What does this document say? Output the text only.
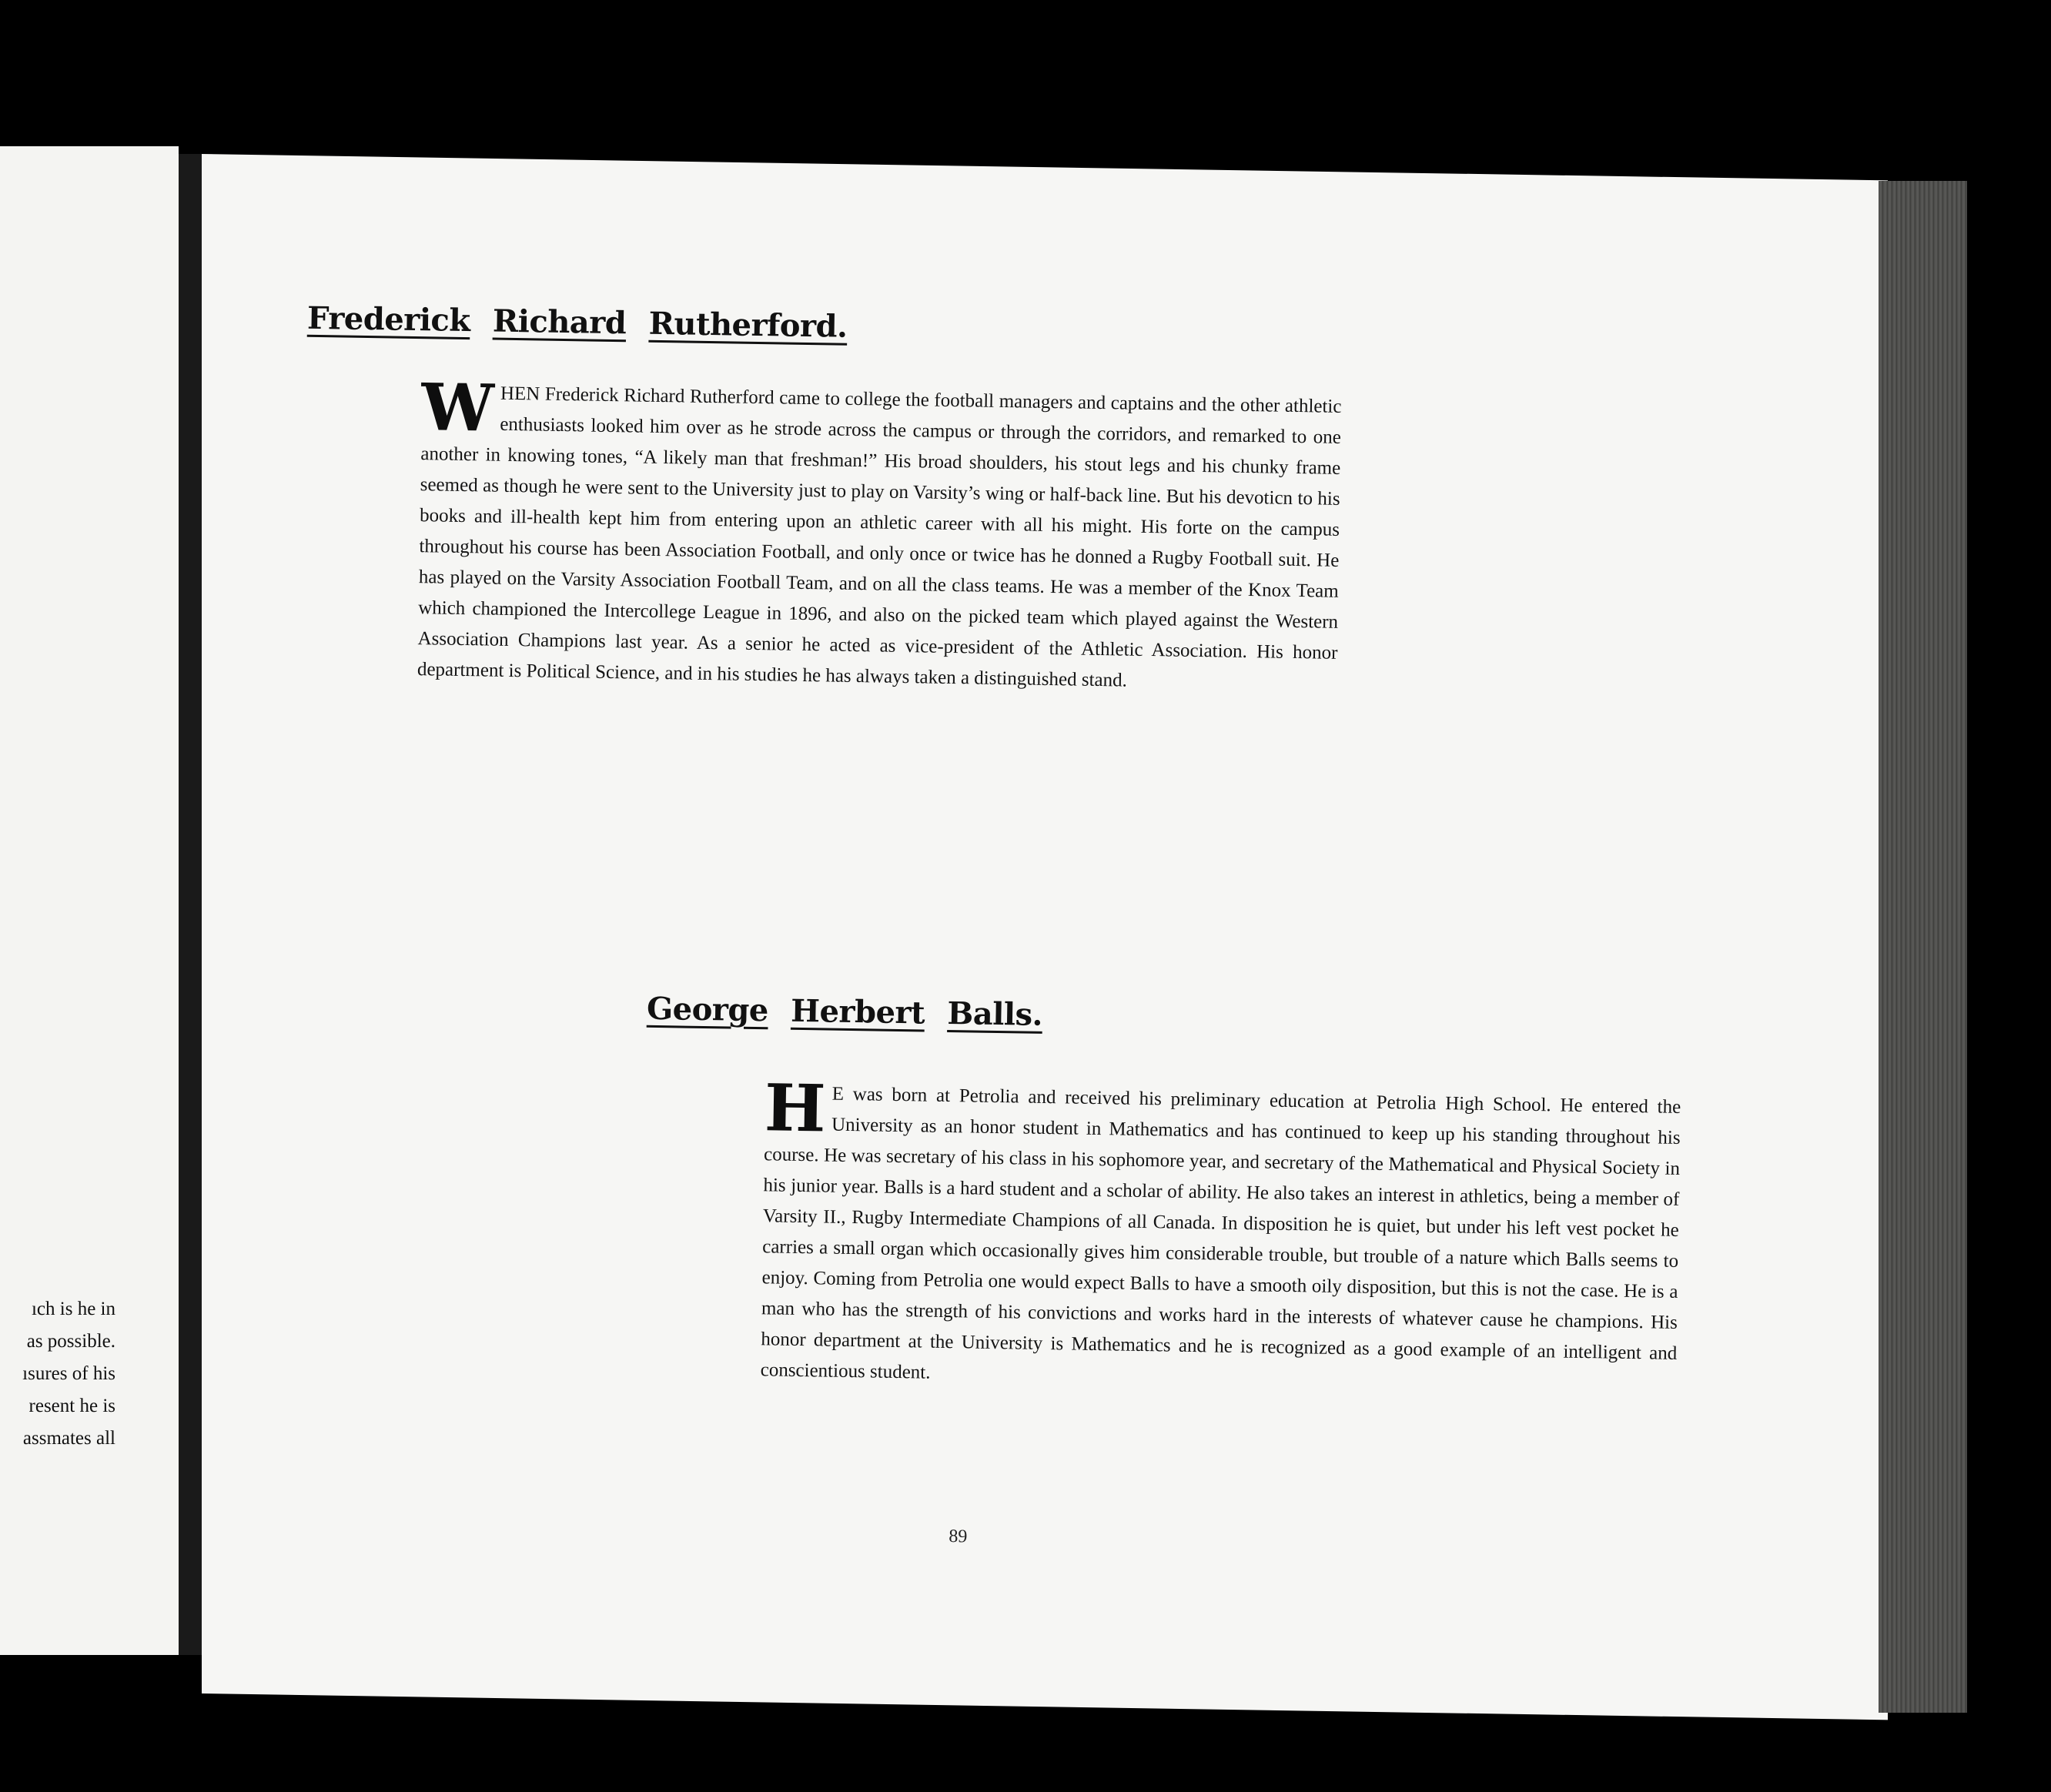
ıch is he in
as possible.
ısures of his
resent he is
assmates all
Frederick Richard Rutherford.
W HEN Frederick Richard Rutherford came to college the football managers and captains and the other athletic enthusiasts looked him over as he strode across the campus or through the corridors, and remarked to one another in knowing tones, “A likely man that freshman!” His broad shoulders, his stout legs and his chunky frame seemed as though he were sent to the University just to play on Varsity’s wing or half-back line. But his devoticn to his books and ill-health kept him from entering upon an athletic career with all his might. His forte on the campus throughout his course has been Association Football, and only once or twice has he donned a Rugby Football suit. He has played on the Varsity Association Football Team, and on all the class teams. He was a member of the Knox Team which championed the Intercollege League in 1896, and also on the picked team which played against the Western Association Champions last year. As a senior he acted as vice-president of the Athletic Association. His honor department is Political Science, and in his studies he has always taken a distinguished stand.
George Herbert Balls.
H E was born at Petrolia and received his preliminary education at Petrolia High School. He entered the University as an honor student in Mathematics and has continued to keep up his standing throughout his course. He was secretary of his class in his sophomore year, and secretary of the Mathematical and Physical Society in his junior year. Balls is a hard student and a scholar of ability. He also takes an interest in athletics, being a member of Varsity II., Rugby Intermediate Champions of all Canada. In disposition he is quiet, but under his left vest pocket he carries a small organ which occasionally gives him considerable trouble, but trouble of a nature which Balls seems to enjoy. Coming from Petrolia one would expect Balls to have a smooth oily disposition, but this is not the case. He is a man who has the strength of his convictions and works hard in the interests of whatever cause he champions. His honor department at the University is Mathematics and he is recognized as a good example of an intelligent and conscientious student.
89
